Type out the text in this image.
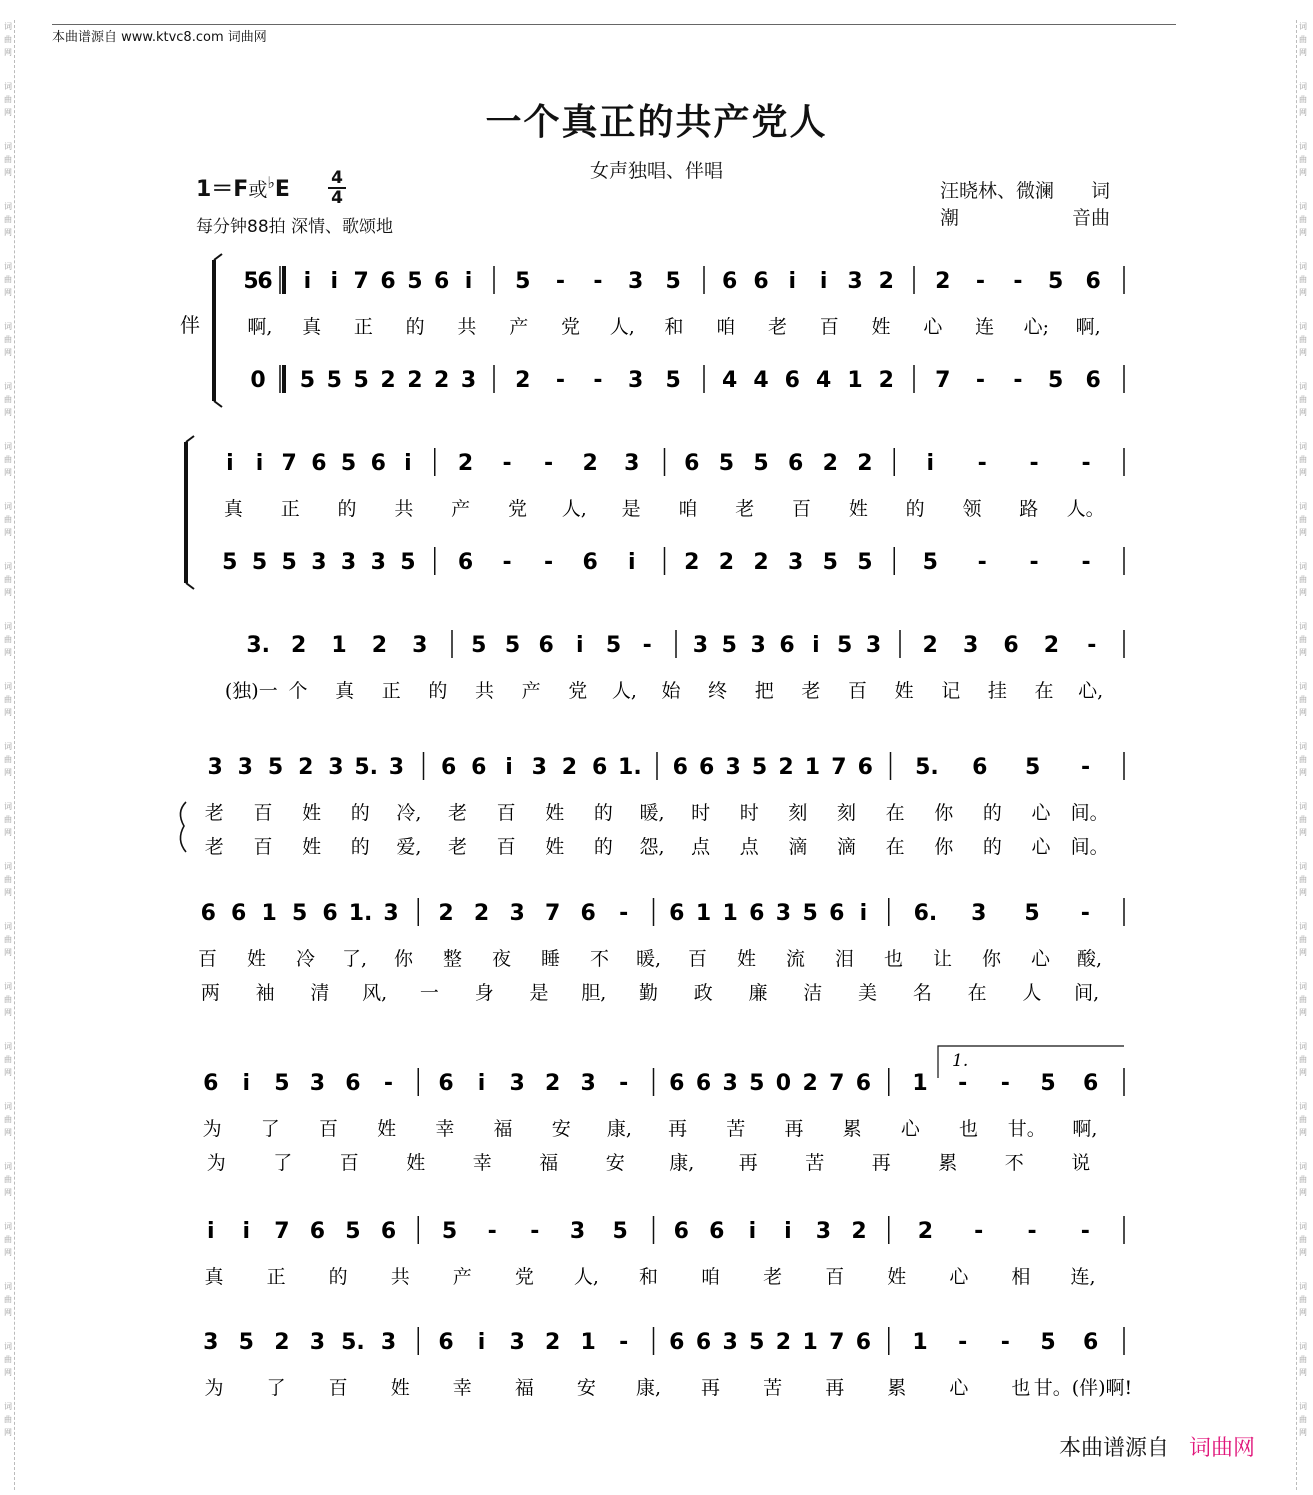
本曲谱源自 www.ktvc8.com 词曲网
词
曲
网
词
曲
网
词
曲
网
词
曲
网
词
曲
网
词
曲
网
词
曲
网
词
曲
网
词
曲
网
词
曲
网
词
曲
网
词
曲
网
词
曲
网
词
曲
网
词
曲
网
词
曲
网
词
曲
网
词
曲
网
词
曲
网
词
曲
网
词
曲
网
词
曲
网
词
曲
网
词
曲
网
词
曲
网
词
曲
网
词
曲
网
词
曲
网
词
曲
网
词
曲
网
词
曲
网
词
曲
网
词
曲
网
词
曲
网
词
曲
网
词
曲
网
词
曲
网
词
曲
网
词
曲
网
词
曲
网
词
曲
网
词
曲
网
词
曲
网
词
曲
网
词
曲
网
词
曲
网
词
曲
网
词
曲
网
一个真正的共产党人
女声独唱、伴唱
1＝F或♭E 4
4
每分钟88拍 深情、歌颂地
汪晓林、微澜 词
潮	音曲
5
6 i i 7 6 5 6 i 5 - - 3 5 6 6 i i 3 2 2 - - 5 6
啊, 真 正 的 共 产 党 人, 和 咱 老 百 姓 心 连 心; 啊,
0 5 5 5 2 2 2 3 2 - - 3 5 4 4 6 4 1 2 7 - - 5 6
伴
i i 7 6 5 6 i 2 - - 2 3 6 5 5 6 2 2 i - - -
真 正 的 共 产 党 人, 是 咱 老 百 姓 的 领 路 人。
5 5 5 3 3 3 5 6 - - 6 i 2 2 2 3 5 5 5 - - -
3. 2 1 2 3 5 5 6 i 5 - 3 5 3 6 i 5 3 2 3 6 2 -
(独)一 个 真 正 的 共 产 党 人, 始 终 把 老 百 姓 记 挂 在 心,
3 3 5 2 3 5. 3 6 6 i 3 2 6 1. 6 6 3 5 2 1 7 6 5. 6 5 -
老 百 姓 的 冷, 老 百 姓 的 暖, 时 时 刻 刻 在 你 的 心 间。
老 百 姓 的 爱, 老 百 姓 的 怨, 点 点 滴 滴 在 你 的 心 间。
6 6 1 5 6 1. 3 2 2 3 7 6 - 6 1 1 6 3 5 6 i 6. 3 5 -
百 姓 冷 了, 你 整 夜 睡 不 暖, 百 姓 流 泪 也 让 你 心 酸,
两 袖 清 风, 一 身 是 胆, 勤 政 廉 洁 美 名 在 人 间,
6 i 5 3 6 - 6 i 3 2 3 - 6 6 3 5 0 2 7 6 1 - - 5 6
为 了 百 姓 幸 福 安 康, 再 苦 再 累 心 也 甘。 啊,
为 了 百 姓 幸 福 安 康, 再 苦 再 累 不 说
1.
i i 7 6 5 6 5 - - 3 5 6 6 i i 3 2 2 - - -
真 正 的 共 产 党 人, 和 咱 老 百 姓 心 相 连,
3 5 2 3 5. 3 6 i 3 2 1 - 6 6 3 5 2 1 7 6 1 - - 5 6
为 了 百 姓 幸 福 安 康, 再 苦 再 累 心 也 甘。(伴)啊!
本曲谱源自 词曲网
